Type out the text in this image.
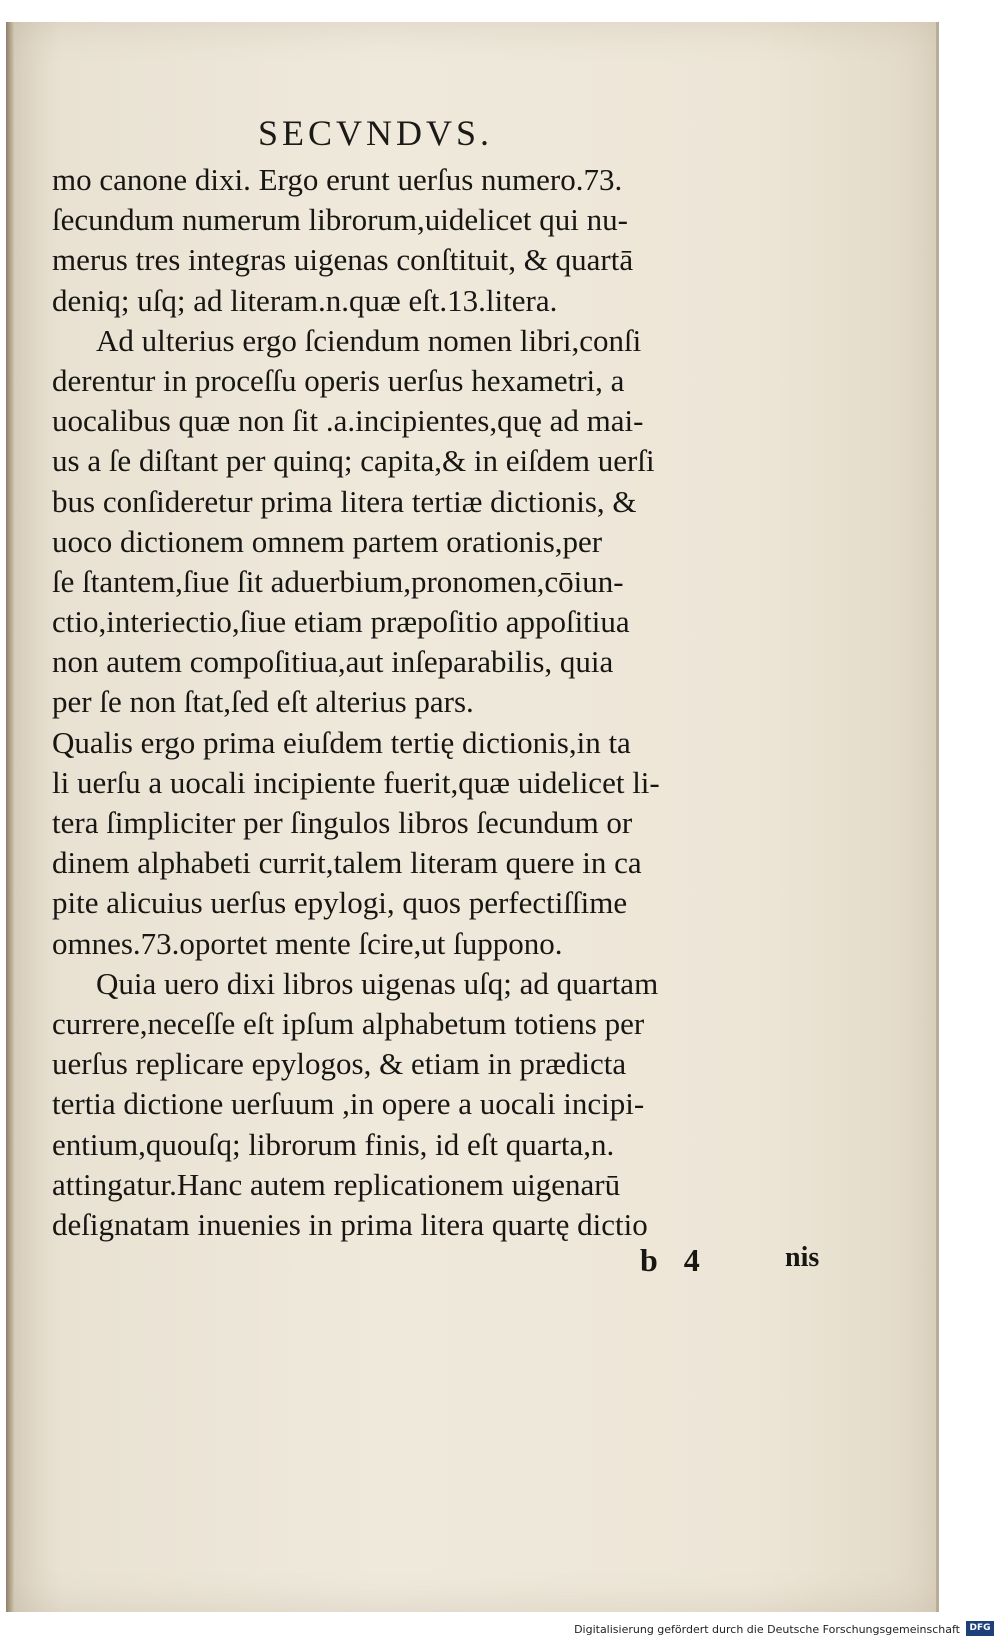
SECVNDVS.
mo canone dixi. Ergo erunt uerſus numero.73.
ſecundum numerum librorum,uidelicet qui nu-
merus tres integras uigenas conſtituit, & quartā
deniq; uſq; ad literam.n.quæ eſt.13.litera.
Ad ulterius ergo ſciendum nomen libri,conſi
derentur in proceſſu operis uerſus hexametri, a
uocalibus quæ non ſit .a.incipientes,quę ad mai-
us a ſe diſtant per quinq; capita,& in eiſdem uerſi
bus conſideretur prima litera tertiæ dictionis, &
uoco dictionem omnem partem orationis,per
ſe ſtantem,ſiue ſit aduerbium,pronomen,cōiun-
ctio,interiectio,ſiue etiam præpoſitio appoſitiua
non autem compoſitiua,aut inſeparabilis, quia
per ſe non ſtat,ſed eſt alterius pars.
Qualis ergo prima eiuſdem tertię dictionis,in ta
li uerſu a uocali incipiente fuerit,quæ uidelicet li-
tera ſimpliciter per ſingulos libros ſecundum or
dinem alphabeti currit,talem literam quere in ca
pite alicuius uerſus epylogi, quos perfectiſſime
omnes.73.oportet mente ſcire,ut ſuppono.
Quia uero dixi libros uigenas uſq; ad quartam
currere,neceſſe eſt ipſum alphabetum totiens per
uerſus replicare epylogos, & etiam in prædicta
tertia dictione uerſuum ,in opere a uocali incipi-
entium,quouſq; librorum finis, id eſt quarta,n.
attingatur.Hanc autem replicationem uigenarū
deſignatam inuenies in prima litera quartę dictio
b 4	nis
Digitalisierung gefördert durch die Deutsche Forschungsgemeinschaft	DFG
